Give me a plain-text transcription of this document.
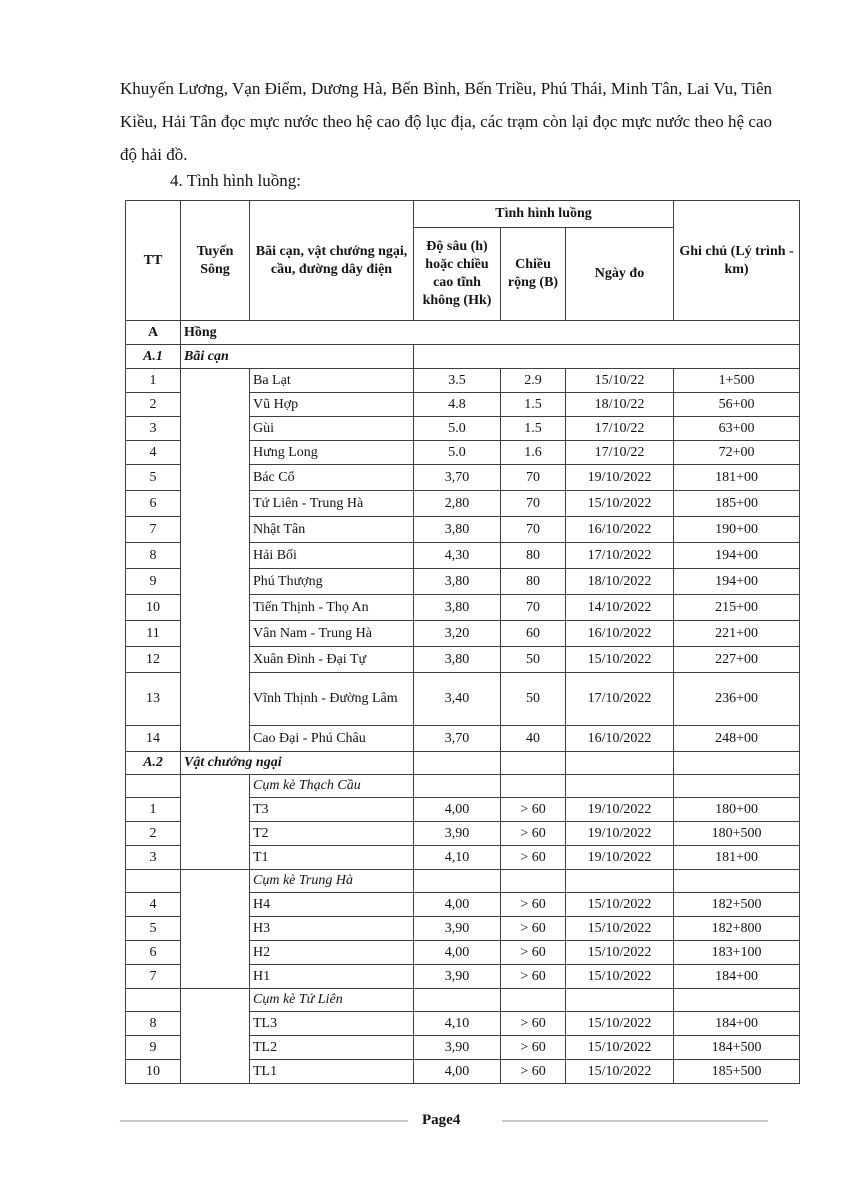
Khuyến Lương, Vạn Điểm, Dương Hà, Bến Bình, Bến Triều, Phú Thái, Minh Tân, Lai Vu, Tiên Kiều, Hải Tân đọc mực nước theo hệ cao độ lục địa, các trạm còn lại đọc mực nước theo hệ cao độ hải đồ.
4. Tình hình luồng:
TT	Tuyến Sông	Bãi cạn, vật chướng ngại, cầu, đường dây điện	Tình hình luồng			Ghi chú (Lý trình - km)
			Độ sâu (h) hoặc chiều cao tĩnh không (Hk)	Chiều rộng (B)	Ngày đo	
A	Hồng					
A.1	Bãi cạn					
1		Ba Lạt	3.5	2.9	15/10/22	1+500
2		Vũ Hợp	4.8	1.5	18/10/22	56+00
3		Gùi	5.0	1.5	17/10/22	63+00
4		Hưng Long	5.0	1.6	17/10/22	72+00
5		Bác Cổ	3,70	70	19/10/2022	181+00
6		Tứ Liên - Trung Hà	2,80	70	15/10/2022	185+00
7		Nhật Tân	3,80	70	16/10/2022	190+00
8		Hải Bối	4,30	80	17/10/2022	194+00
9		Phú Thượng	3,80	80	18/10/2022	194+00
10		Tiến Thịnh - Thọ An	3,80	70	14/10/2022	215+00
11		Vân Nam - Trung Hà	3,20	60	16/10/2022	221+00
12		Xuân Đình - Đại Tự	3,80	50	15/10/2022	227+00
13		Vĩnh Thịnh - Đường Lâm	3,40	50	17/10/2022	236+00
14		Cao Đại - Phú Châu	3,70	40	16/10/2022	248+00
A.2	Vật chướng ngại					
		Cụm kè Thạch Cầu				
1		T3	4,00	> 60	19/10/2022	180+00
2		T2	3,90	> 60	19/10/2022	180+500
3		T1	4,10	> 60	19/10/2022	181+00
		Cụm kè Trung Hà				
4		H4	4,00	> 60	15/10/2022	182+500
5		H3	3,90	> 60	15/10/2022	182+800
6		H2	4,00	> 60	15/10/2022	183+100
7		H1	3,90	> 60	15/10/2022	184+00
		Cụm kè Tứ Liên				
8		TL3	4,10	> 60	15/10/2022	184+00
9		TL2	3,90	> 60	15/10/2022	184+500
10		TL1	4,00	> 60	15/10/2022	185+500
Page4
